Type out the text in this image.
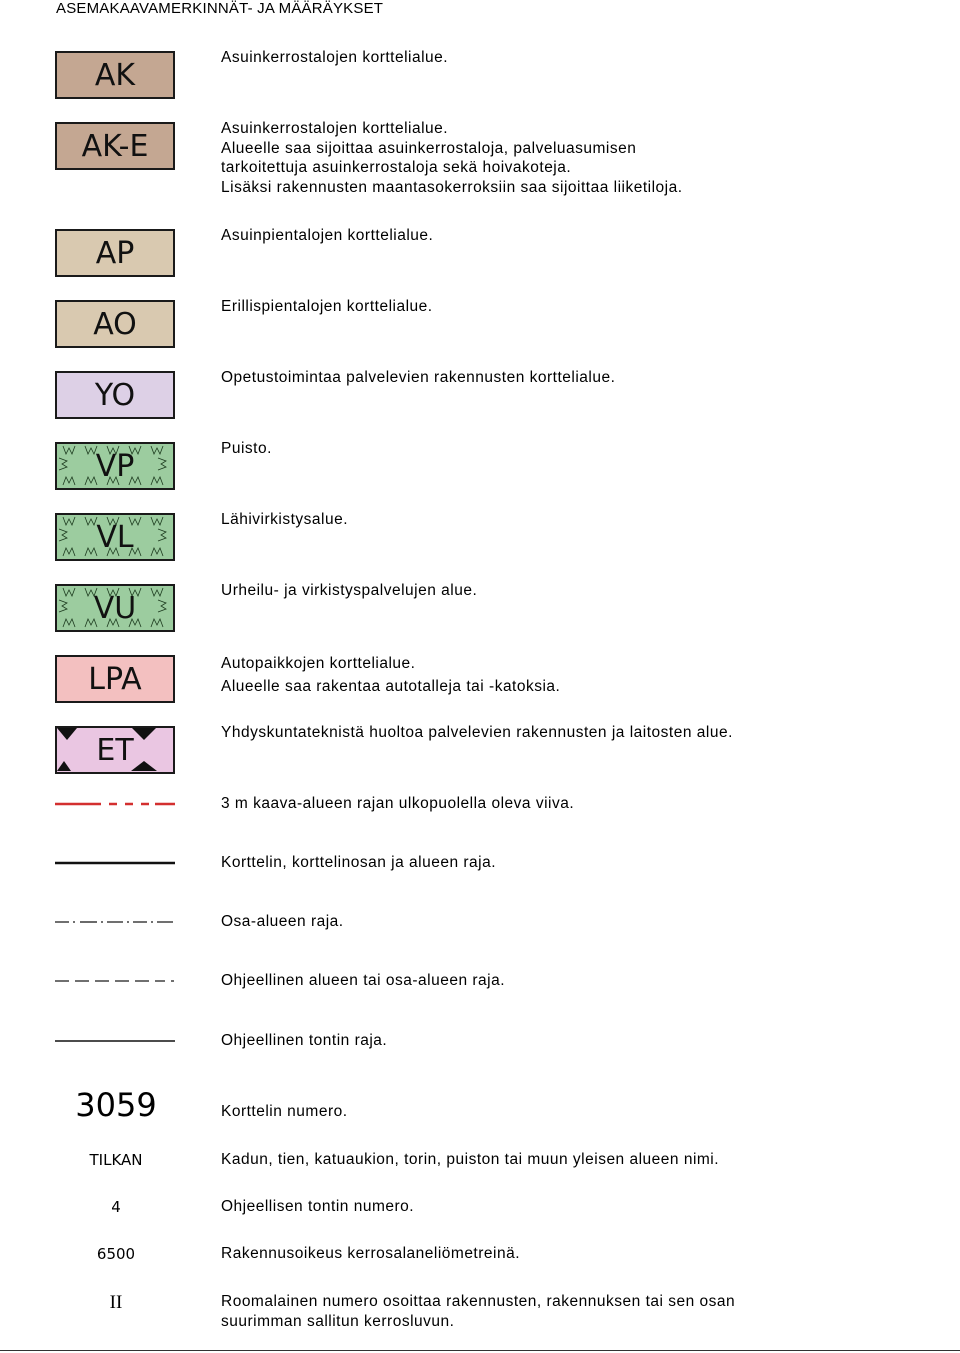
ASEMAKAAVAMERKINNÄT- JA MÄÄRÄYKSET
AK	Asuinkerrostalojen korttelialue.
AK-E	Asuinkerrostalojen korttelialue.
Alueelle saa sijoittaa asuinkerrostaloja, palveluasumisen
tarkoitettuja asuinkerrostaloja sekä hoivakoteja.
Lisäksi rakennusten maantasokerroksiin saa sijoittaa liiketiloja.
AP	Asuinpientalojen korttelialue.
AO	Erillispientalojen korttelialue.
YO	Opetustoimintaa palvelevien rakennusten korttelialue.
VP	Puisto.
VL	Lähivirkistysalue.
VU	Urheilu- ja virkistyspalvelujen alue.
LPA	Autopaikkojen korttelialue.
Alueelle saa rakentaa autotalleja tai -katoksia.
ET	Yhdyskuntateknistä huoltoa palvelevien rakennusten ja laitosten alue.
3 m kaava-alueen rajan ulkopuolella oleva viiva.
Korttelin, korttelinosan ja alueen raja.
Osa-alueen raja.
Ohjeellinen alueen tai osa-alueen raja.
Ohjeellinen tontin raja.
3059	Korttelin numero.
TILKAN	Kadun, tien, katuaukion, torin, puiston tai muun yleisen alueen nimi.
4	Ohjeellisen tontin numero.
6500	Rakennusoikeus kerrosalaneliömetreinä.
II	Roomalainen numero osoittaa rakennusten, rakennuksen tai sen osan
suurimman sallitun kerrosluvun.
